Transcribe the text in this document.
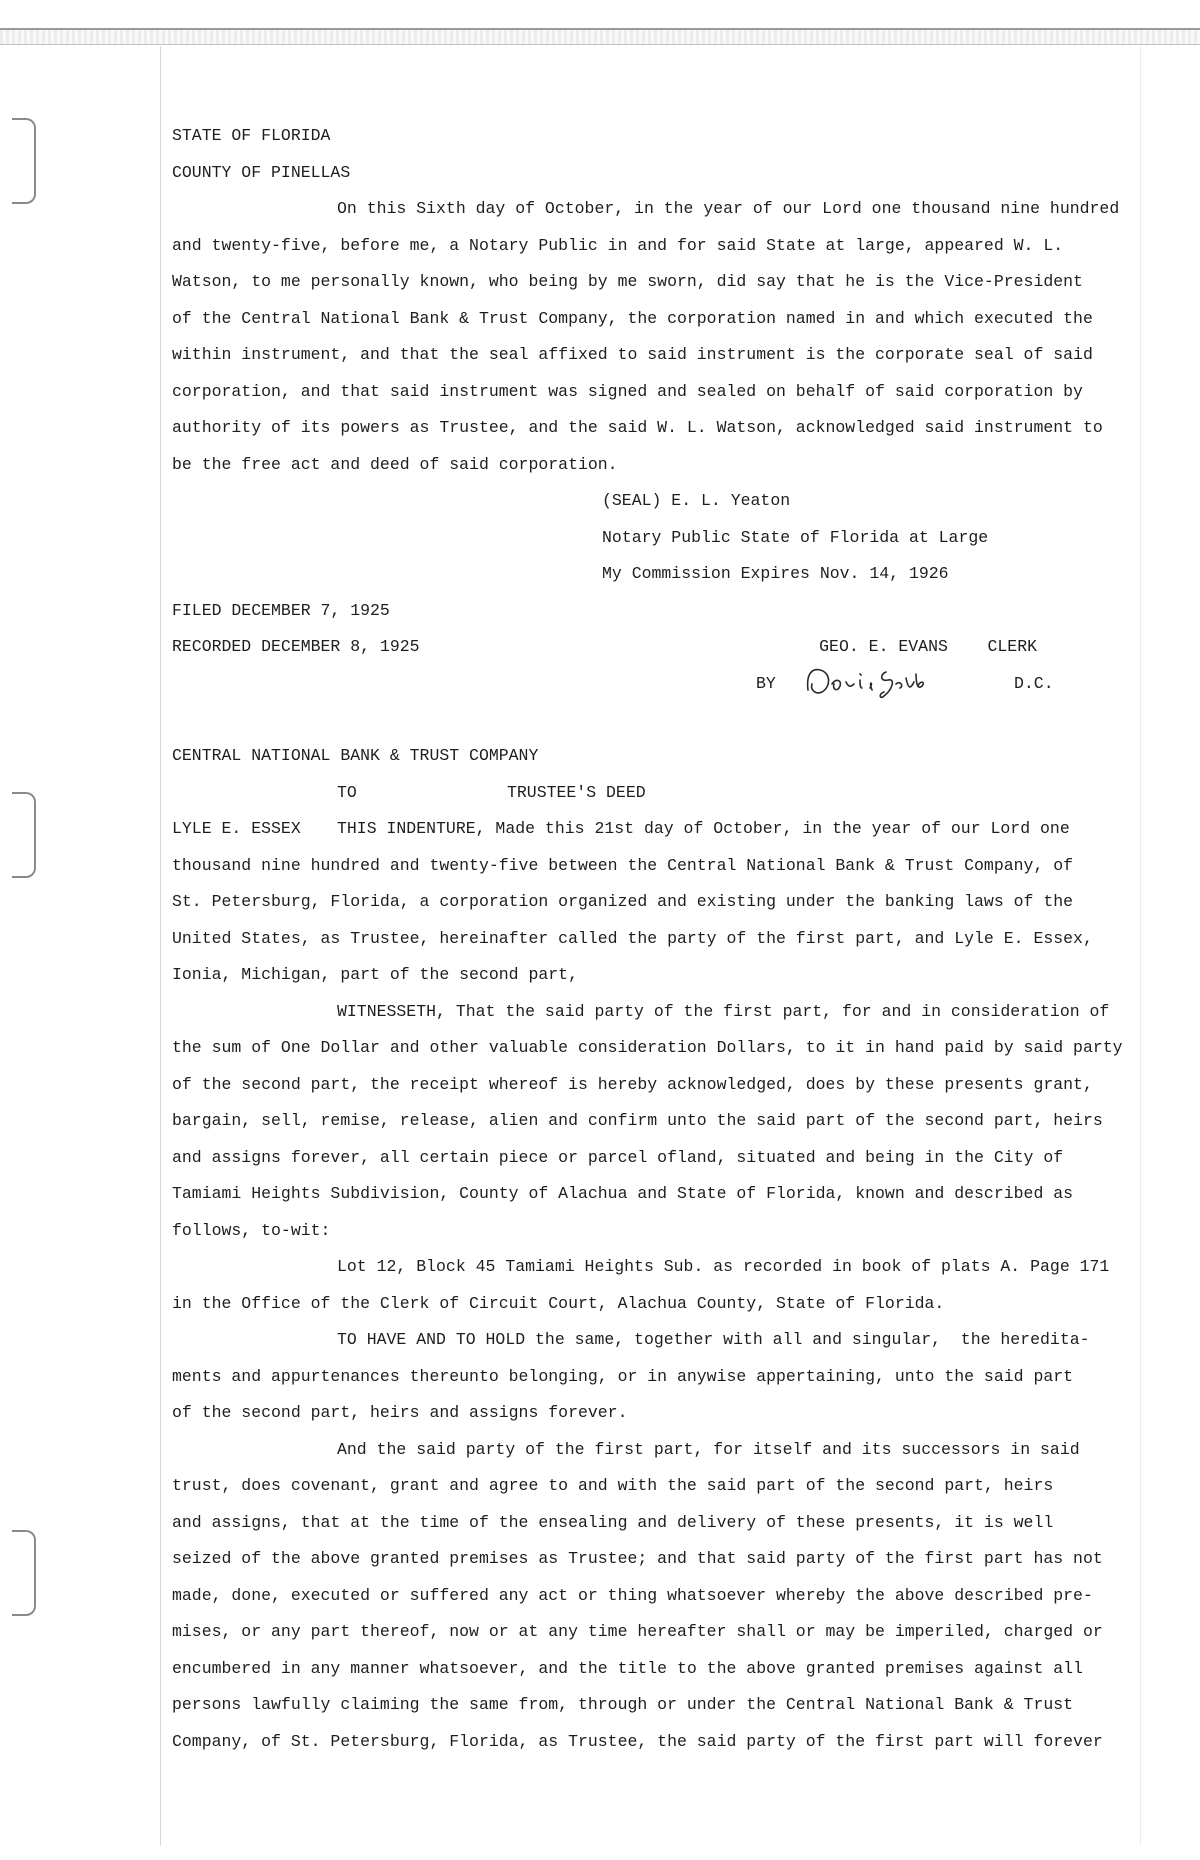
STATE OF FLORIDA
COUNTY OF PINELLAS
On this Sixth day of October, in the year of our Lord one thousand nine hundred
and twenty-five, before me, a Notary Public in and for said State at large, appeared W. L.
Watson, to me personally known, who being by me sworn, did say that he is the Vice-President
of the Central National Bank & Trust Company, the corporation named in and which executed the
within instrument, and that the seal affixed to said instrument is the corporate seal of said
corporation, and that said instrument was signed and sealed on behalf of said corporation by
authority of its powers as Trustee, and the said W. L. Watson, acknowledged said instrument to
be the free act and deed of said corporation.
(SEAL) E. L. Yeaton
Notary Public State of Florida at Large
My Commission Expires Nov. 14, 1926
FILED DECEMBER 7, 1925
RECORDED DECEMBER 8, 1925	GEO. E. EVANS    CLERK
BY	D.C.
CENTRAL NATIONAL BANK & TRUST COMPANY
TO	TRUSTEE'S DEED
LYLE E. ESSEX	THIS INDENTURE, Made this 21st day of October, in the year of our Lord one
thousand nine hundred and twenty-five between the Central National Bank & Trust Company, of
St. Petersburg, Florida, a corporation organized and existing under the banking laws of the
United States, as Trustee, hereinafter called the party of the first part, and Lyle E. Essex,
Ionia, Michigan, part of the second part,
WITNESSETH, That the said party of the first part, for and in consideration of
the sum of One Dollar and other valuable consideration Dollars, to it in hand paid by said party
of the second part, the receipt whereof is hereby acknowledged, does by these presents grant,
bargain, sell, remise, release, alien and confirm unto the said part of the second part, heirs
and assigns forever, all certain piece or parcel ofland, situated and being in the City of
Tamiami Heights Subdivision, County of Alachua and State of Florida, known and described as
follows, to-wit:
Lot 12, Block 45 Tamiami Heights Sub. as recorded in book of plats A. Page 171
in the Office of the Clerk of Circuit Court, Alachua County, State of Florida.
TO HAVE AND TO HOLD the same, together with all and singular,  the heredita-
ments and appurtenances thereunto belonging, or in anywise appertaining, unto the said part
of the second part, heirs and assigns forever.
And the said party of the first part, for itself and its successors in said
trust, does covenant, grant and agree to and with the said part of the second part, heirs
and assigns, that at the time of the ensealing and delivery of these presents, it is well
seized of the above granted premises as Trustee; and that said party of the first part has not
made, done, executed or suffered any act or thing whatsoever whereby the above described pre-
mises, or any part thereof, now or at any time hereafter shall or may be imperiled, charged or
encumbered in any manner whatsoever, and the title to the above granted premises against all
persons lawfully claiming the same from, through or under the Central National Bank & Trust
Company, of St. Petersburg, Florida, as Trustee, the said party of the first part will forever
